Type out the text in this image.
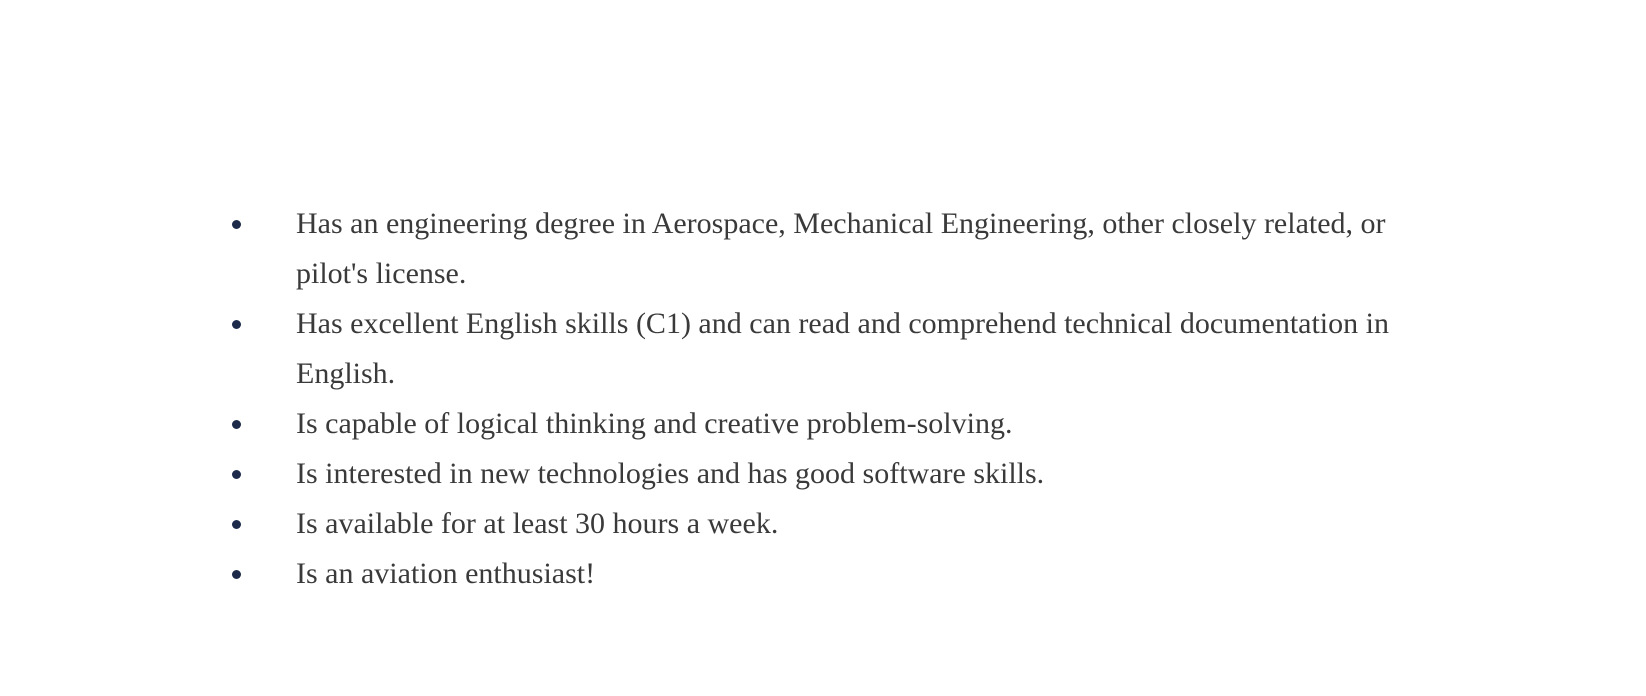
Has an engineering degree in Aerospace, Mechanical Engineering, other closely related, or pilot's license.
Has excellent English skills (C1) and can read and comprehend technical documentation in English.
Is capable of logical thinking and creative problem-solving.
Is interested in new technologies and has good software skills.
Is available for at least 30 hours a week.
Is an aviation enthusiast!
